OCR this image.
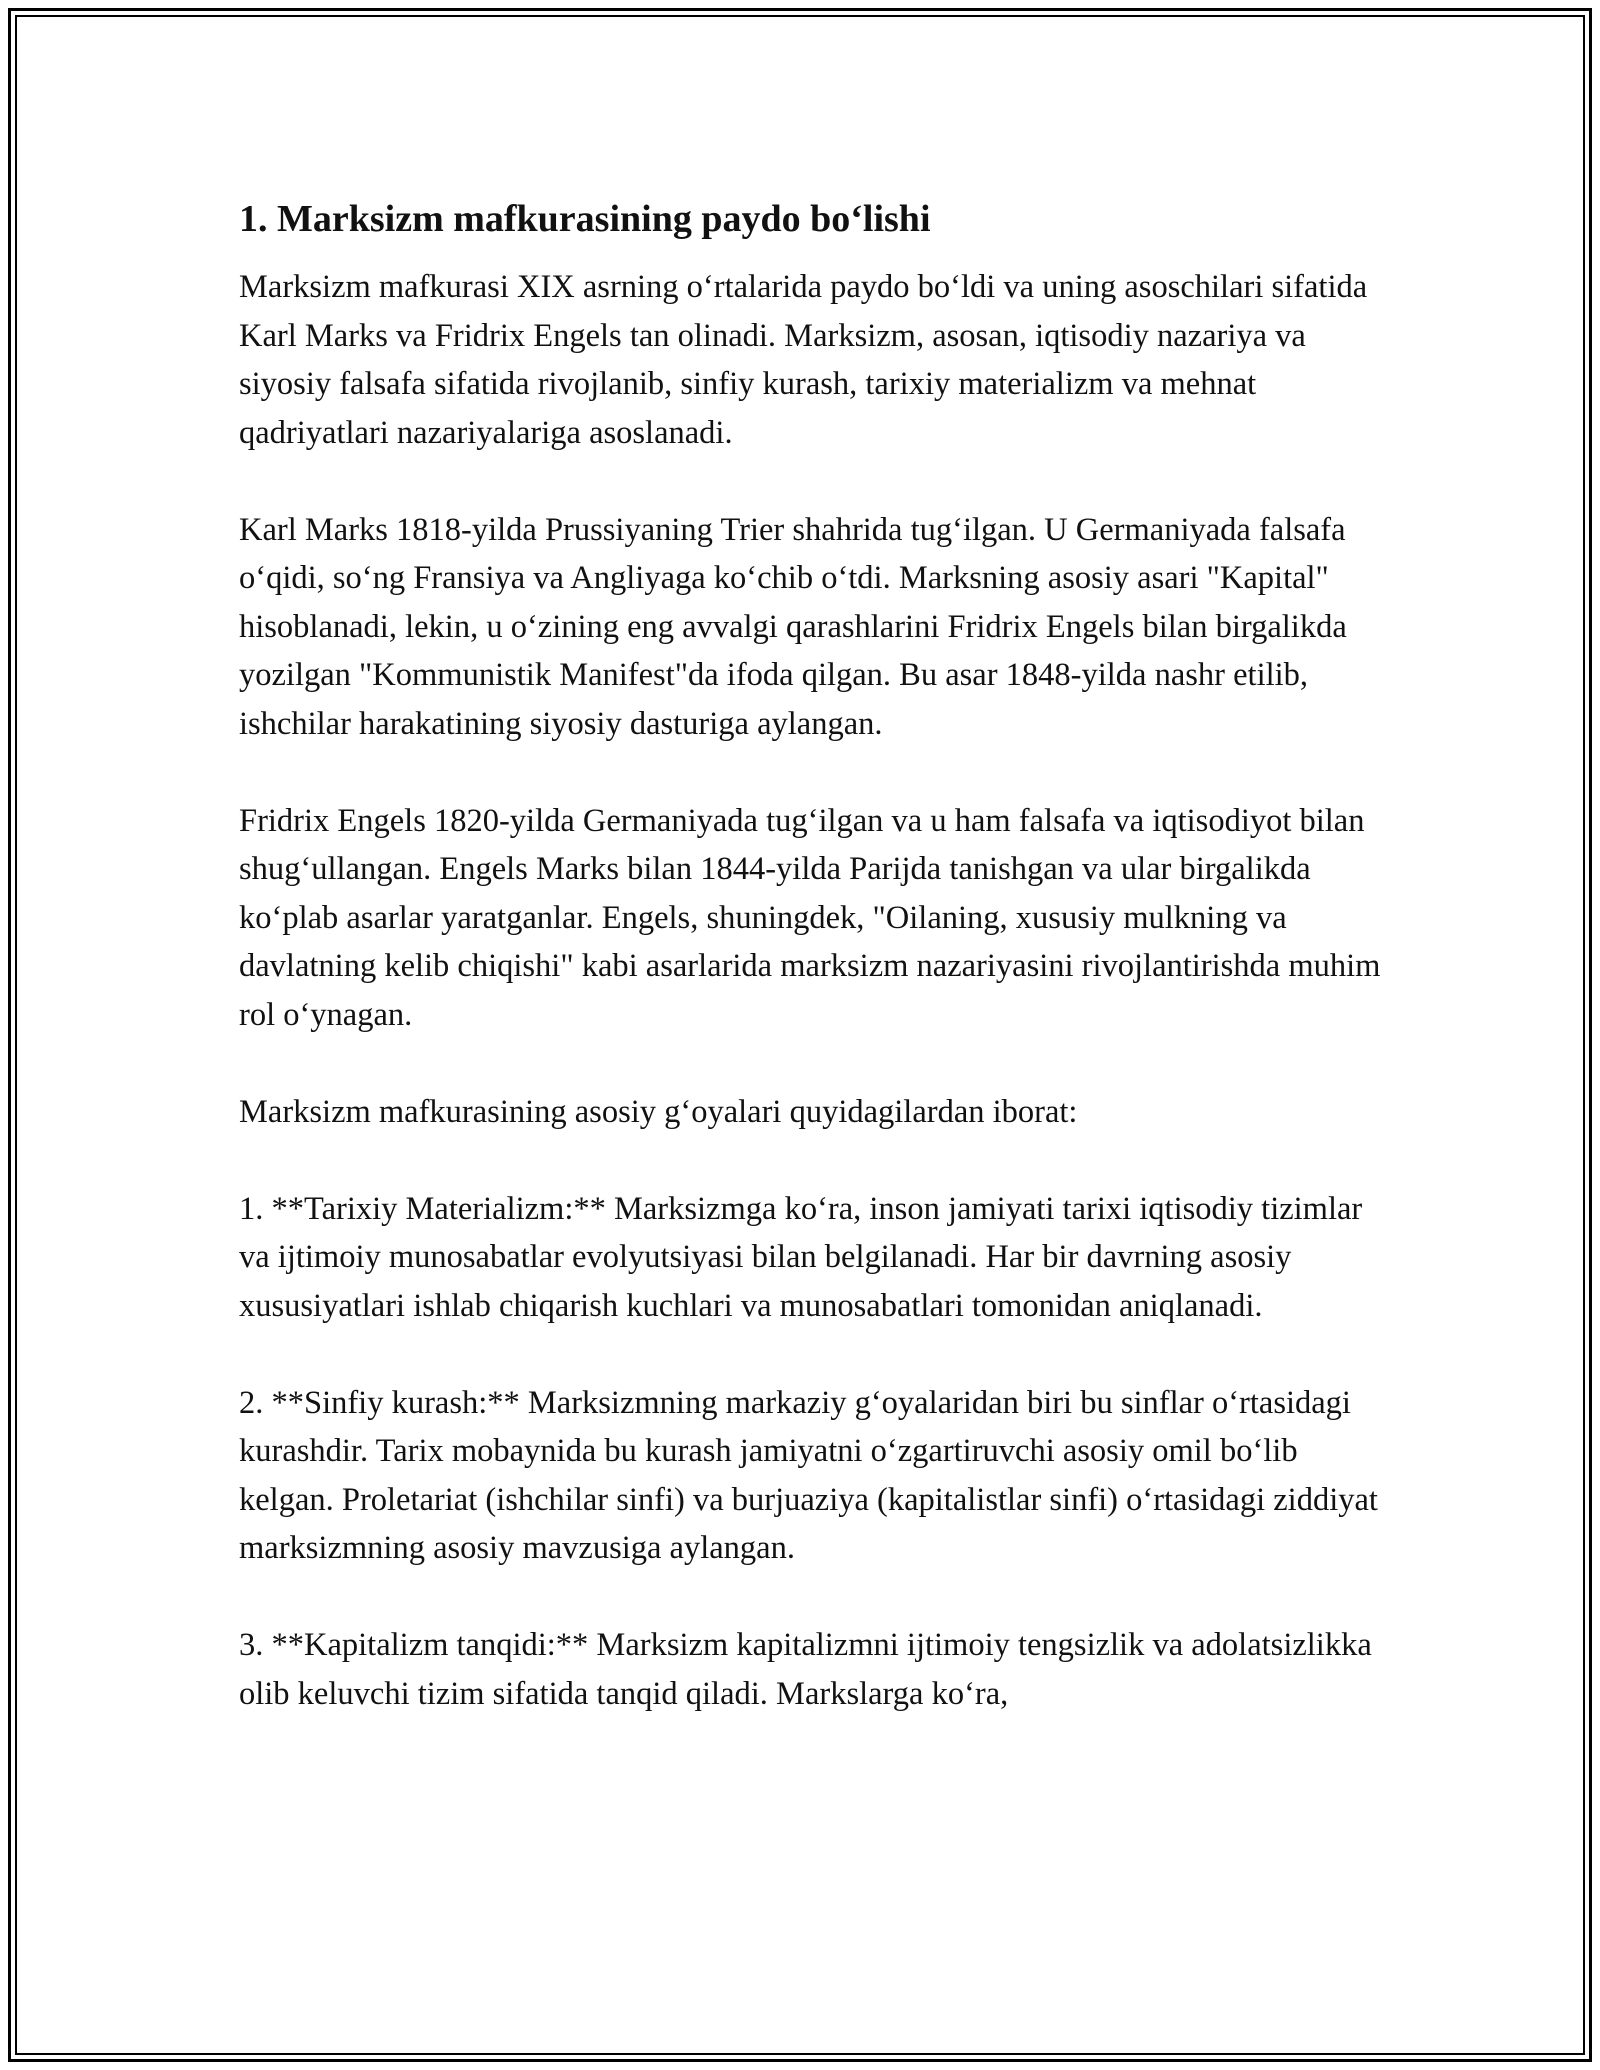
1. Marksizm mafkurasining paydo bo‘lishi

Marksizm mafkurasi XIX asrning o‘rtalarida paydo bo‘ldi va uning asoschilari sifatida Karl Marks va Fridrix Engels tan olinadi. Marksizm, asosan, iqtisodiy nazariya va siyosiy falsafa sifatida rivojlanib, sinfiy kurash, tarixiy materializm va mehnat qadriyatlari nazariyalariga asoslanadi.

Karl Marks 1818-yilda Prussiyaning Trier shahrida tug‘ilgan. U Germaniyada falsafa o‘qidi, so‘ng Fransiya va Angliyaga ko‘chib o‘tdi. Marksning asosiy asari "Kapital" hisoblanadi, lekin, u o‘zining eng avvalgi qarashlarini Fridrix Engels bilan birgalikda yozilgan "Kommunistik Manifest"da ifoda qilgan. Bu asar 1848-yilda nashr etilib, ishchilar harakatining siyosiy dasturiga aylangan.

Fridrix Engels 1820-yilda Germaniyada tug‘ilgan va u ham falsafa va iqtisodiyot bilan shug‘ullangan. Engels Marks bilan 1844-yilda Parijda tanishgan va ular birgalikda ko‘plab asarlar yaratganlar. Engels, shuningdek, "Oilaning, xususiy mulkning va davlatning kelib chiqishi" kabi asarlarida marksizm nazariyasini rivojlantirishda muhim rol o‘ynagan.

Marksizm mafkurasining asosiy g‘oyalari quyidagilardan iborat:

1. **Tarixiy Materializm:** Marksizmga ko‘ra, inson jamiyati tarixi iqtisodiy tizimlar va ijtimoiy munosabatlar evolyutsiyasi bilan belgilanadi. Har bir davrning asosiy xususiyatlari ishlab chiqarish kuchlari va munosabatlari tomonidan aniqlanadi.

2. **Sinfiy kurash:** Marksizmning markaziy g‘oyalaridan biri bu sinflar o‘rtasidagi kurashdir. Tarix mobaynida bu kurash jamiyatni o‘zgartiruvchi asosiy omil bo‘lib kelgan. Proletariat (ishchilar sinfi) va burjuaziya (kapitalistlar sinfi) o‘rtasidagi ziddiyat marksizmning asosiy mavzusiga aylangan.

3. **Kapitalizm tanqidi:** Marksizm kapitalizmni ijtimoiy tengsizlik va adolatsizlikka olib keluvchi tizim sifatida tanqid qiladi. Markslarga ko‘ra,
